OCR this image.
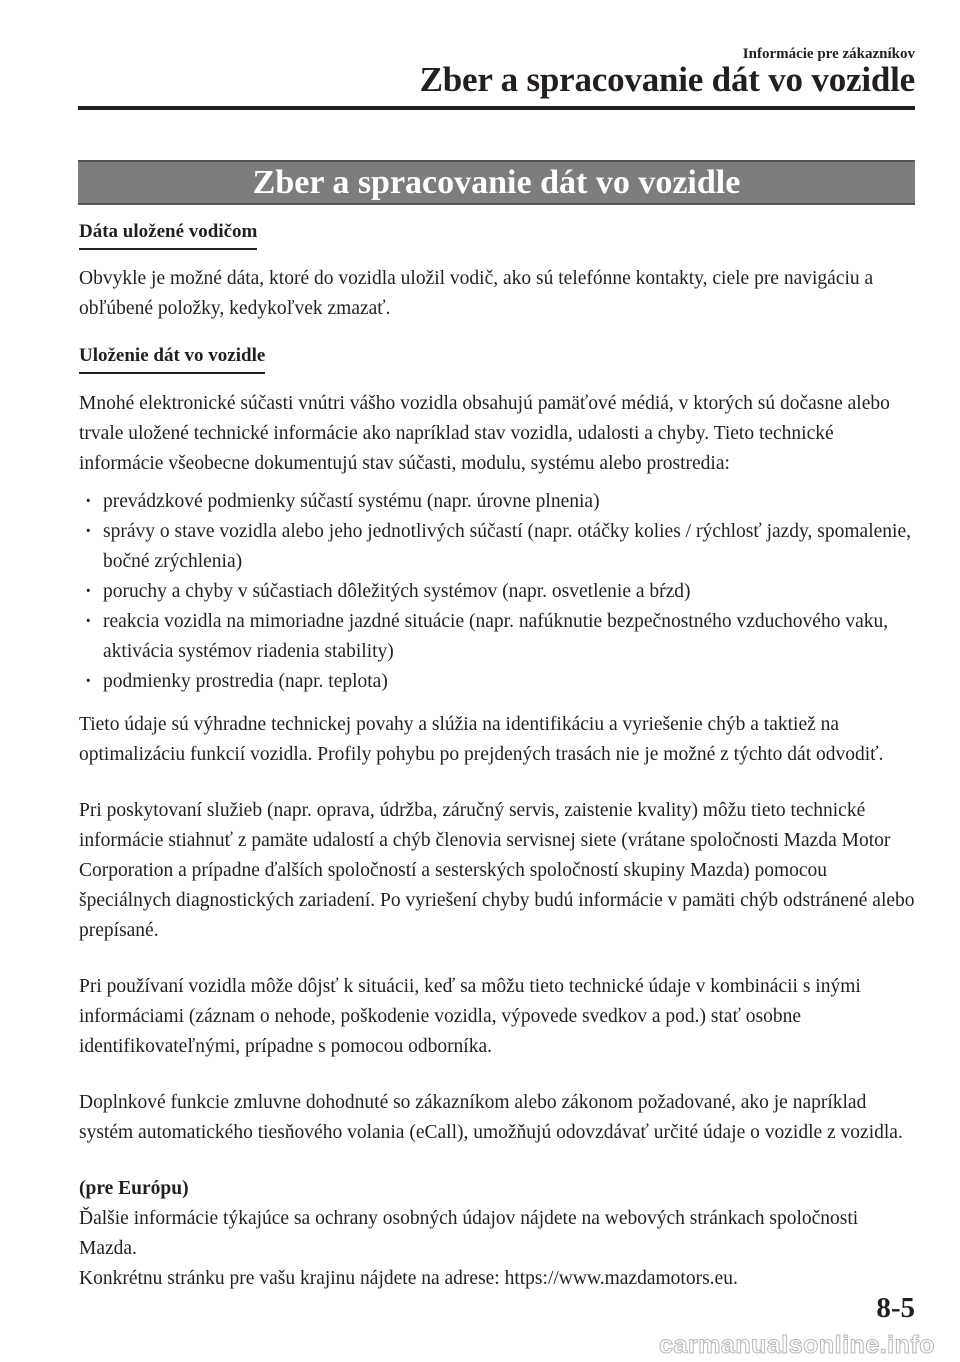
Informácie pre zákazníkov
Zber a spracovanie dát vo vozidle
Zber a spracovanie dát vo vozidle
Dáta uložené vodičom

Obvykle je možné dáta, ktoré do vozidla uložil vodič, ako sú telefónne kontakty, ciele pre navigáciu a obľúbené položky, kedykoľvek zmazať.

Uloženie dát vo vozidle

Mnohé elektronické súčasti vnútri vášho vozidla obsahujú pamäťové médiá, v ktorých sú dočasne alebo trvale uložené technické informácie ako napríklad stav vozidla, udalosti a chyby. Tieto technické informácie všeobecne dokumentujú stav súčasti, modulu, systému alebo prostredia:

· prevádzkové podmienky súčastí systému (napr. úrovne plnenia)
· správy o stave vozidla alebo jeho jednotlivých súčastí (napr. otáčky kolies / rýchlosť jazdy, spomalenie, bočné zrýchlenia)
· poruchy a chyby v súčastiach dôležitých systémov (napr. osvetlenie a bŕzd)
· reakcia vozidla na mimoriadne jazdné situácie (napr. nafúknutie bezpečnostného vzduchového vaku, aktivácia systémov riadenia stability)
· podmienky prostredia (napr. teplota)

Tieto údaje sú výhradne technickej povahy a slúžia na identifikáciu a vyriešenie chýb a taktiež na optimalizáciu funkcií vozidla. Profily pohybu po prejdených trasách nie je možné z týchto dát odvodiť.

Pri poskytovaní služieb (napr. oprava, údržba, záručný servis, zaistenie kvality) môžu tieto technické informácie stiahnuť z pamäte udalostí a chýb členovia servisnej siete (vrátane spoločnosti Mazda Motor Corporation a prípadne ďalších spoločností a sesterských spoločností skupiny Mazda) pomocou špeciálnych diagnostických zariadení. Po vyriešení chyby budú informácie v pamäti chýb odstránené alebo prepísané.

Pri používaní vozidla môže dôjsť k situácii, keď sa môžu tieto technické údaje v kombinácii s inými informáciami (záznam o nehode, poškodenie vozidla, výpovede svedkov a pod.) stať osobne identifikovateľnými, prípadne s pomocou odborníka.

Doplnkové funkcie zmluvne dohodnuté so zákazníkom alebo zákonom požadované, ako je napríklad systém automatického tiesňového volania (eCall), umožňujú odovzdávať určité údaje o vozidle z vozidla.

(pre Európu)

Ďalšie informácie týkajúce sa ochrany osobných údajov nájdete na webových stránkach spoločnosti Mazda.

Konkrétnu stránku pre vašu krajinu nájdete na adrese: https://www.mazdamotors.eu.

8-5
carmanualsonline.info
